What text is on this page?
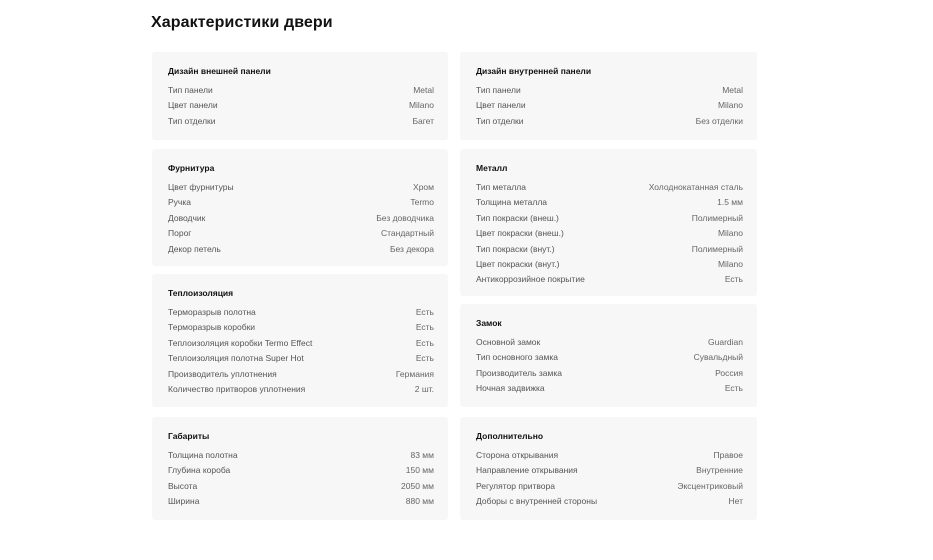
Характеристики двери
Дизайн внешней панели
Тип панели	Metal
Цвет панели	Milano
Тип отделки	Багет
Дизайн внутренней панели
Тип панели	Metal
Цвет панели	Milano
Тип отделки	Без отделки
Фурнитура
Цвет фурнитуры	Хром
Ручка	Termo
Доводчик	Без доводчика
Порог	Стандартный
Декор петель	Без декора
Металл
Тип металла	Холоднокатанная сталь
Толщина металла	1.5 мм
Тип покраски (внеш.)	Полимерный
Цвет покраски (внеш.)	Milano
Тип покраски (внут.)	Полимерный
Цвет покраски (внут.)	Milano
Антикоррозийное покрытие	Есть
Теплоизоляция
Терморазрыв полотна	Есть
Терморазрыв коробки	Есть
Теплоизоляция коробки Termo Effect	Есть
Теплоизоляция полотна Super Hot	Есть
Производитель уплотнения	Германия
Количество притворов уплотнения	2 шт.
Замок
Основной замок	Guardian
Тип основного замка	Сувальдный
Производитель замка	Россия
Ночная задвижка	Есть
Габариты
Толщина полотна	83 мм
Глубина короба	150 мм
Высота	2050 мм
Ширина	880 мм
Дополнительно
Сторона открывания	Правое
Направление открывания	Внутренние
Регулятор притвора	Эксцентриковый
Доборы с внутренней стороны	Нет
